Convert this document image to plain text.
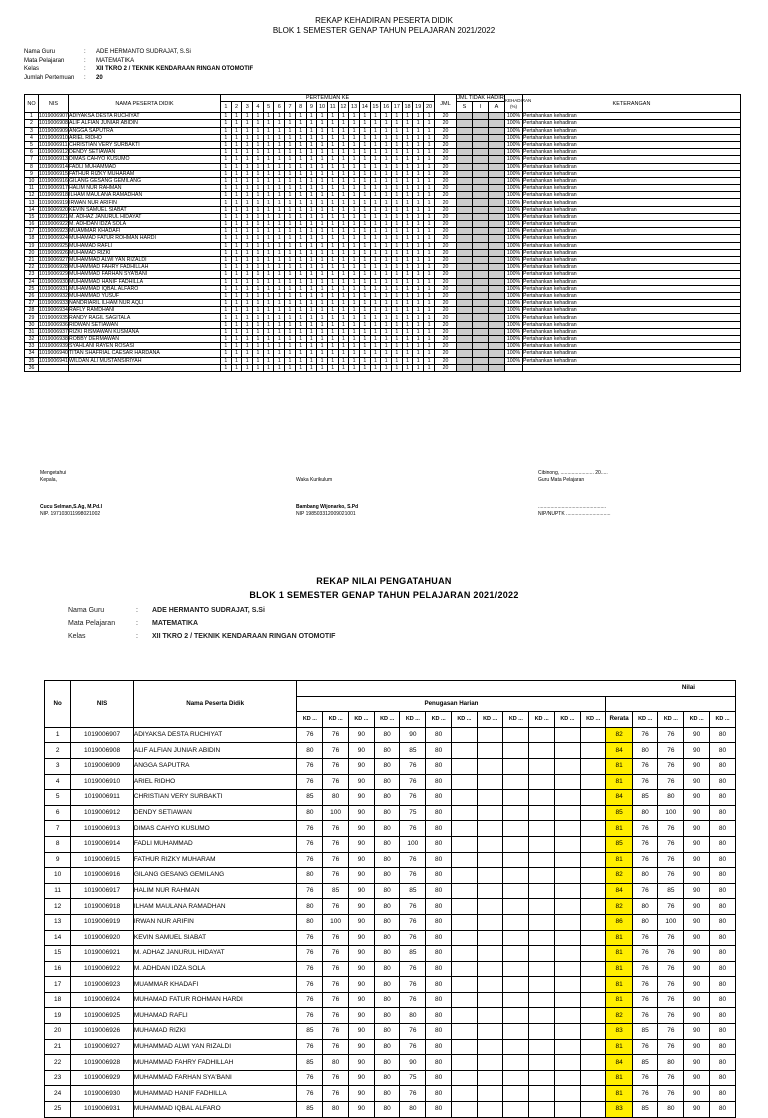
REKAP KEHADIRAN PESERTA DIDIK
BLOK 1 SEMESTER GENAP TAHUN PELAJARAN 2021/2022
Nama Guru	:	ADE HERMANTO SUDRAJAT, S.Si
Mata Pelajaran	:	MATEMATIKA
Kelas	:	XII TKRO 2 / TEKNIK KENDARAAN RINGAN OTOMOTIF
Jumlah Pertemuan	:	20
NO	NIS	NAMA PESERTA DIDIK	PERTEMUAN KE																				JML	JML TIDAK HADIR			KEHADIRAN (%)	KETERANGAN
			1	2	3	4	5	6	7	8	9	10	11	12	13	14	15	16	17	18	19	20		S	I	A		
1	1019006907	ADIYAKSA DESTA RUCHIYAT	1	1	1	1	1	1	1	1	1	1	1	1	1	1	1	1	1	1	1	1	20				100%	Pertahankan kehadiran
2	1019006908	ALIF ALFIAN JUNIAR ABIDIN	1	1	1	1	1	1	1	1	1	1	1	1	1	1	1	1	1	1	1	1	20				100%	Pertahankan kehadiran
3	1019006909	ANGGA SAPUTRA	1	1	1	1	1	1	1	1	1	1	1	1	1	1	1	1	1	1	1	1	20				100%	Pertahankan kehadiran
4	1019006910	ARIEL RIDHO	1	1	1	1	1	1	1	1	1	1	1	1	1	1	1	1	1	1	1	1	20				100%	Pertahankan kehadiran
5	1019006911	CHRISTIAN VERY SURBAKTI	1	1	1	1	1	1	1	1	1	1	1	1	1	1	1	1	1	1	1	1	20				100%	Pertahankan kehadiran
6	1019006912	DENDY SETIAWAN	1	1	1	1	1	1	1	1	1	1	1	1	1	1	1	1	1	1	1	1	20				100%	Pertahankan kehadiran
7	1019006913	DIMAS CAHYO KUSUMO	1	1	1	1	1	1	1	1	1	1	1	1	1	1	1	1	1	1	1	1	20				100%	Pertahankan kehadiran
8	1019006914	FADLI MUHAMMAD	1	1	1	1	1	1	1	1	1	1	1	1	1	1	1	1	1	1	1	1	20				100%	Pertahankan kehadiran
9	1019006915	FATHUR RIZKY MUHARAM	1	1	1	1	1	1	1	1	1	1	1	1	1	1	1	1	1	1	1	1	20				100%	Pertahankan kehadiran
10	1019006916	GILANG GESANG GEMILANG	1	1	1	1	1	1	1	1	1	1	1	1	1	1	1	1	1	1	1	1	20				100%	Pertahankan kehadiran
11	1019006917	HALIM NUR RAHMAN	1	1	1	1	1	1	1	1	1	1	1	1	1	1	1	1	1	1	1	1	20				100%	Pertahankan kehadiran
12	1019006918	ILHAM MAULANA RAMADHAN	1	1	1	1	1	1	1	1	1	1	1	1	1	1	1	1	1	1	1	1	20				100%	Pertahankan kehadiran
13	1019006919	IRWAN NUR ARIFIN	1	1	1	1	1	1	1	1	1	1	1	1	1	1	1	1	1	1	1	1	20				100%	Pertahankan kehadiran
14	1019006920	KEVIN SAMUEL SIABAT	1	1	1	1	1	1	1	1	1	1	1	1	1	1	1	1	1	1	1	1	20				100%	Pertahankan kehadiran
15	1019006921	M. ADHAZ JANURUL HIDAYAT	1	1	1	1	1	1	1	1	1	1	1	1	1	1	1	1	1	1	1	1	20				100%	Pertahankan kehadiran
16	1019006922	M. ADHDAN IDZA SOLA	1	1	1	1	1	1	1	1	1	1	1	1	1	1	1	1	1	1	1	1	20				100%	Pertahankan kehadiran
17	1019006923	MUAMMAR KHADAFI	1	1	1	1	1	1	1	1	1	1	1	1	1	1	1	1	1	1	1	1	20				100%	Pertahankan kehadiran
18	1019006924	MUHAMAD FATUR ROHMAN HARDI	1	1	1	1	1	1	1	1	1	1	1	1	1	1	1	1	1	1	1	1	20				100%	Pertahankan kehadiran
19	1019006925	MUHAMAD RAFLI	1	1	1	1	1	1	1	1	1	1	1	1	1	1	1	1	1	1	1	1	20				100%	Pertahankan kehadiran
20	1019006926	MUHAMAD RIZKI	1	1	1	1	1	1	1	1	1	1	1	1	1	1	1	1	1	1	1	1	20				100%	Pertahankan kehadiran
21	1019006927	MUHAMMAD ALWI YAN RIZALDI	1	1	1	1	1	1	1	1	1	1	1	1	1	1	1	1	1	1	1	1	20				100%	Pertahankan kehadiran
22	1019006928	MUHAMMAD FAHRY FADHILLAH	1	1	1	1	1	1	1	1	1	1	1	1	1	1	1	1	1	1	1	1	20				100%	Pertahankan kehadiran
23	1019006929	MUHAMMAD FARHAN SYA'BANI	1	1	1	1	1	1	1	1	1	1	1	1	1	1	1	1	1	1	1	1	20				100%	Pertahankan kehadiran
24	1019006930	MUHAMMAD HANIF FADHILLA	1	1	1	1	1	1	1	1	1	1	1	1	1	1	1	1	1	1	1	1	20				100%	Pertahankan kehadiran
25	1019006931	MUHAMMAD IQBAL ALFARO	1	1	1	1	1	1	1	1	1	1	1	1	1	1	1	1	1	1	1	1	20				100%	Pertahankan kehadiran
26	1019006932	MUHAMMAD YUSUF	1	1	1	1	1	1	1	1	1	1	1	1	1	1	1	1	1	1	1	1	20				100%	Pertahankan kehadiran
27	1019006933	NANDRIARIL ILHAM NUR AQLI	1	1	1	1	1	1	1	1	1	1	1	1	1	1	1	1	1	1	1	1	20				100%	Pertahankan kehadiran
28	1019006934	RAFLY RAMDHANI	1	1	1	1	1	1	1	1	1	1	1	1	1	1	1	1	1	1	1	1	20				100%	Pertahankan kehadiran
29	1019006935	RANDY RAGIL SAGITALA	1	1	1	1	1	1	1	1	1	1	1	1	1	1	1	1	1	1	1	1	20				100%	Pertahankan kehadiran
30	1019006936	RIDWAN SETIAWAN	1	1	1	1	1	1	1	1	1	1	1	1	1	1	1	1	1	1	1	1	20				100%	Pertahankan kehadiran
31	1019006937	RIZKI RISMAWAN KUSMANA	1	1	1	1	1	1	1	1	1	1	1	1	1	1	1	1	1	1	1	1	20				100%	Pertahankan kehadiran
32	1019006938	ROBBY DERMAWAN	1	1	1	1	1	1	1	1	1	1	1	1	1	1	1	1	1	1	1	1	20				100%	Pertahankan kehadiran
33	1019006939	SYAHLANI RAYEN ROSASI	1	1	1	1	1	1	1	1	1	1	1	1	1	1	1	1	1	1	1	1	20				100%	Pertahankan kehadiran
34	1019006940	TITAN SHAFRIAL CAESAR HARDANA	1	1	1	1	1	1	1	1	1	1	1	1	1	1	1	1	1	1	1	1	20				100%	Pertahankan kehadiran
35	1019006941	WILDAN ALI MUSTANSIRIYAH	1	1	1	1	1	1	1	1	1	1	1	1	1	1	1	1	1	1	1	1	20				100%	Pertahankan kehadiran
36			1	1	1	1	1	1	1	1	1	1	1	1	1	1	1	1	1	1	1	1	20					
Mengetahui
Kepala,
Cucu Selman,S.Ag, M.Pd.I
NIP. 197103011998021002
Waka Kurikulum
Bambang Wijonarko, S.Pd
NIP 198503312009021001
Cibinong, ........................ 20.....
Guru Mata Pelajaran
.................................................
NIP/NUPTK ................................
REKAP NILAI PENGATAHUAN
BLOK 1 SEMESTER GENAP TAHUN PELAJARAN 2021/2022
Nama Guru	:	ADE HERMANTO SUDRAJAT, S.Si
Mata Pelajaran	:	MATEMATIKA
Kelas	:	XII TKRO 2 / TEKNIK KENDARAAN RINGAN OTOMOTIF
No	NIS	Nama Peserta Didik	Nilai																
			Penugasan Harian																
			KD ...	KD ...	KD ...	KD ...	KD ...	KD ...	KD ...	KD ...	KD ...	KD ...	KD ...	KD ...	Rerata	KD ...	KD ...	KD ...	KD ...
1	1019006907	ADIYAKSA DESTA RUCHIYAT	76	76	90	80	90	80							82	76	76	90	80
2	1019006908	ALIF ALFIAN JUNIAR ABIDIN	80	76	90	80	85	80							84	80	76	90	80
3	1019006909	ANGGA SAPUTRA	76	76	90	80	76	80							81	76	76	90	80
4	1019006910	ARIEL RIDHO	76	76	90	80	76	80							81	76	76	90	80
5	1019006911	CHRISTIAN VERY SURBAKTI	85	80	90	80	76	80							84	85	80	90	80
6	1019006912	DENDY SETIAWAN	80	100	90	80	75	80							85	80	100	90	80
7	1019006913	DIMAS CAHYO KUSUMO	76	76	90	80	76	80							81	76	76	90	80
8	1019006914	FADLI MUHAMMAD	76	76	90	80	100	80							85	76	76	90	80
9	1019006915	FATHUR RIZKY MUHARAM	76	76	90	80	76	80							81	76	76	90	80
10	1019006916	GILANG GESANG GEMILANG	80	76	90	80	76	80							82	80	76	90	80
11	1019006917	HALIM NUR RAHMAN	76	85	90	80	85	80							84	76	85	90	80
12	1019006918	ILHAM MAULANA RAMADHAN	80	76	90	80	76	80							82	80	76	90	80
13	1019006919	IRWAN NUR ARIFIN	80	100	90	80	76	80							86	80	100	90	80
14	1019006920	KEVIN SAMUEL SIABAT	76	76	90	80	76	80							81	76	76	90	80
15	1019006921	M. ADHAZ JANURUL HIDAYAT	76	76	90	80	85	80							81	76	76	90	80
16	1019006922	M. ADHDAN IDZA SOLA	76	76	90	80	76	80							81	76	76	90	80
17	1019006923	MUAMMAR KHADAFI	76	76	90	80	76	80							81	76	76	90	80
18	1019006924	MUHAMAD FATUR ROHMAN HARDI	76	76	90	80	76	80							81	76	76	90	80
19	1019006925	MUHAMAD RAFLI	76	76	90	80	80	80							82	76	76	90	80
20	1019006926	MUHAMAD RIZKI	85	76	90	80	76	80							83	85	76	90	80
21	1019006927	MUHAMMAD ALWI YAN RIZALDI	76	76	90	80	76	80							81	76	76	90	80
22	1019006928	MUHAMMAD FAHRY FADHILLAH	85	80	90	80	90	80							84	85	80	90	80
23	1019006929	MUHAMMAD FARHAN SYA'BANI	76	76	90	80	75	80							81	76	76	90	80
24	1019006930	MUHAMMAD HANIF FADHILLA	76	76	90	80	76	80							81	76	76	90	80
25	1019006931	MUHAMMAD IQBAL ALFARO	85	80	90	80	80	80							83	85	80	90	80
